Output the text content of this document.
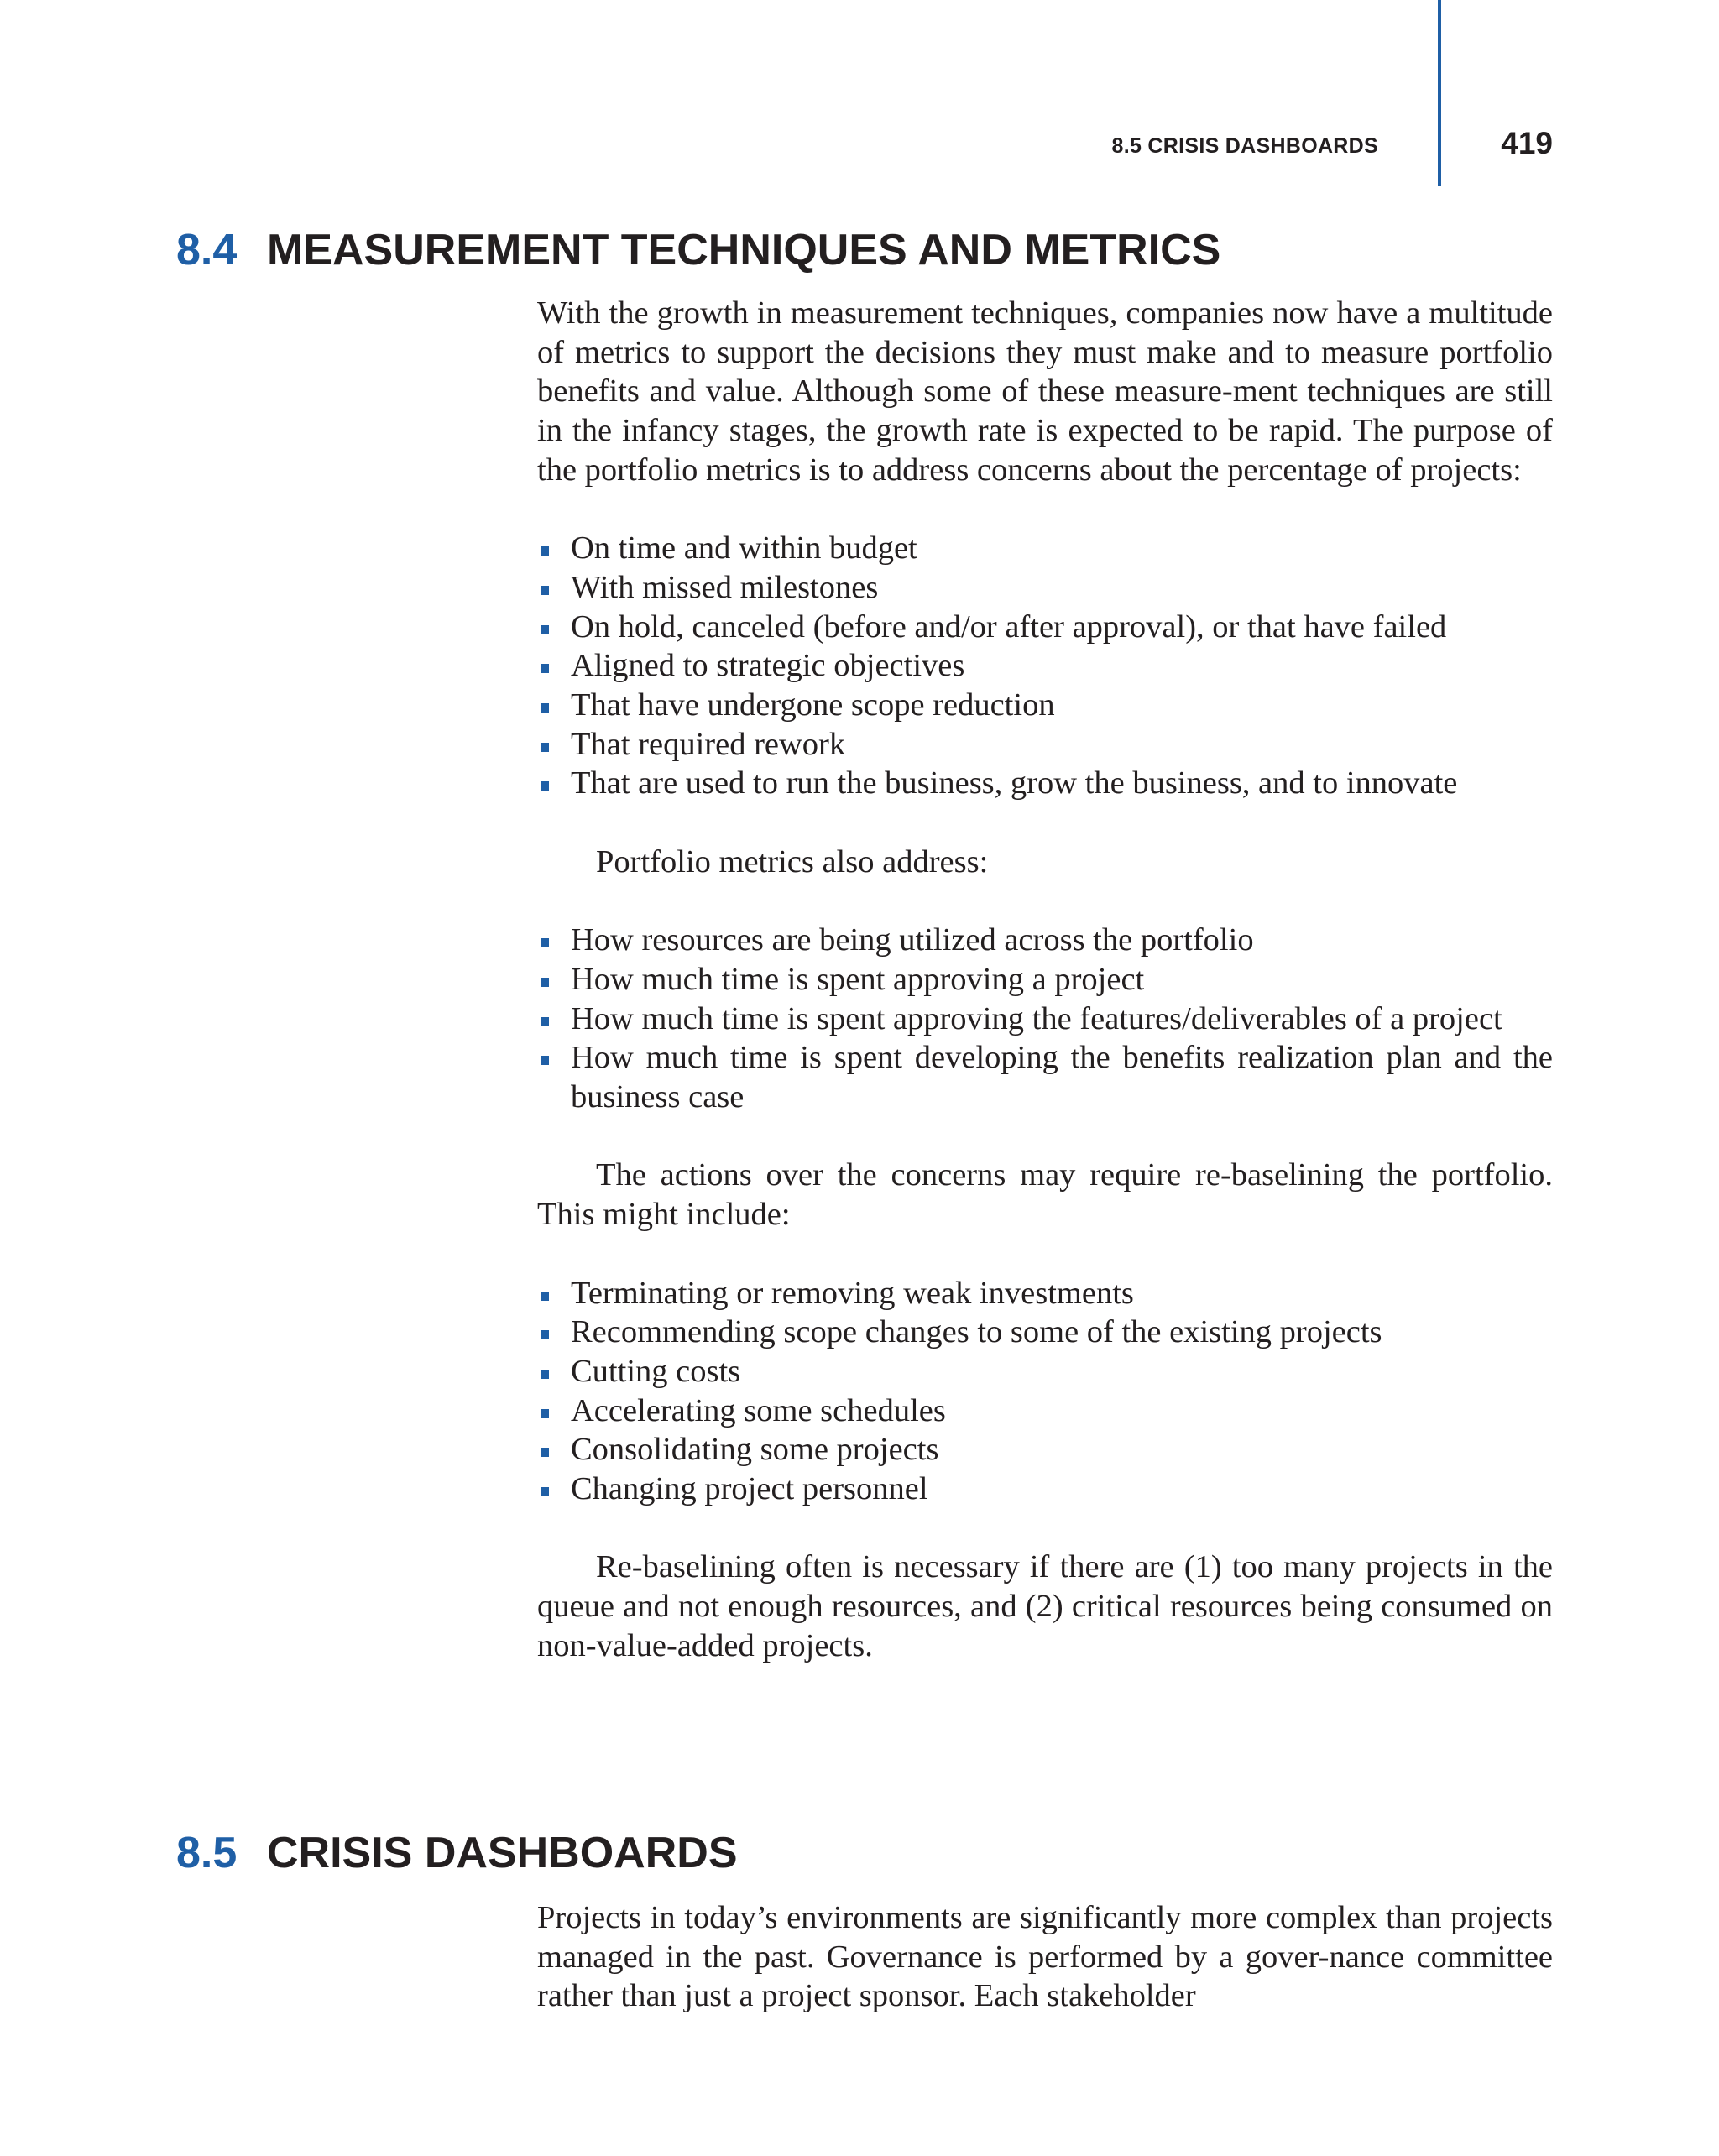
8.5 CRISIS DASHBOARDS	419
8.4 MEASUREMENT TECHNIQUES AND METRICS

With the growth in measurement techniques, companies now have a multitude of metrics to support the decisions they must make and to measure portfolio benefits and value. Although some of these measure-ment techniques are still in the infancy stages, the growth rate is expected to be rapid. The purpose of the portfolio metrics is to address concerns about the percentage of projects:

On time and within budget
With missed milestones
On hold, canceled (before and/or after approval), or that have failed
Aligned to strategic objectives
That have undergone scope reduction
That required rework
That are used to run the business, grow the business, and to innovate

Portfolio metrics also address:

How resources are being utilized across the portfolio
How much time is spent approving a project
How much time is spent approving the features/deliverables of a project
How much time is spent developing the benefits realization plan and the business case

The actions over the concerns may require re-baselining the portfolio. This might include:

Terminating or removing weak investments
Recommending scope changes to some of the existing projects
Cutting costs
Accelerating some schedules
Consolidating some projects
Changing project personnel

Re-baselining often is necessary if there are (1) too many projects in the queue and not enough resources, and (2) critical resources being consumed on non-value-added projects.

8.5 CRISIS DASHBOARDS

Projects in today’s environments are significantly more complex than projects managed in the past. Governance is performed by a gover-nance committee rather than just a project sponsor. Each stakeholder
